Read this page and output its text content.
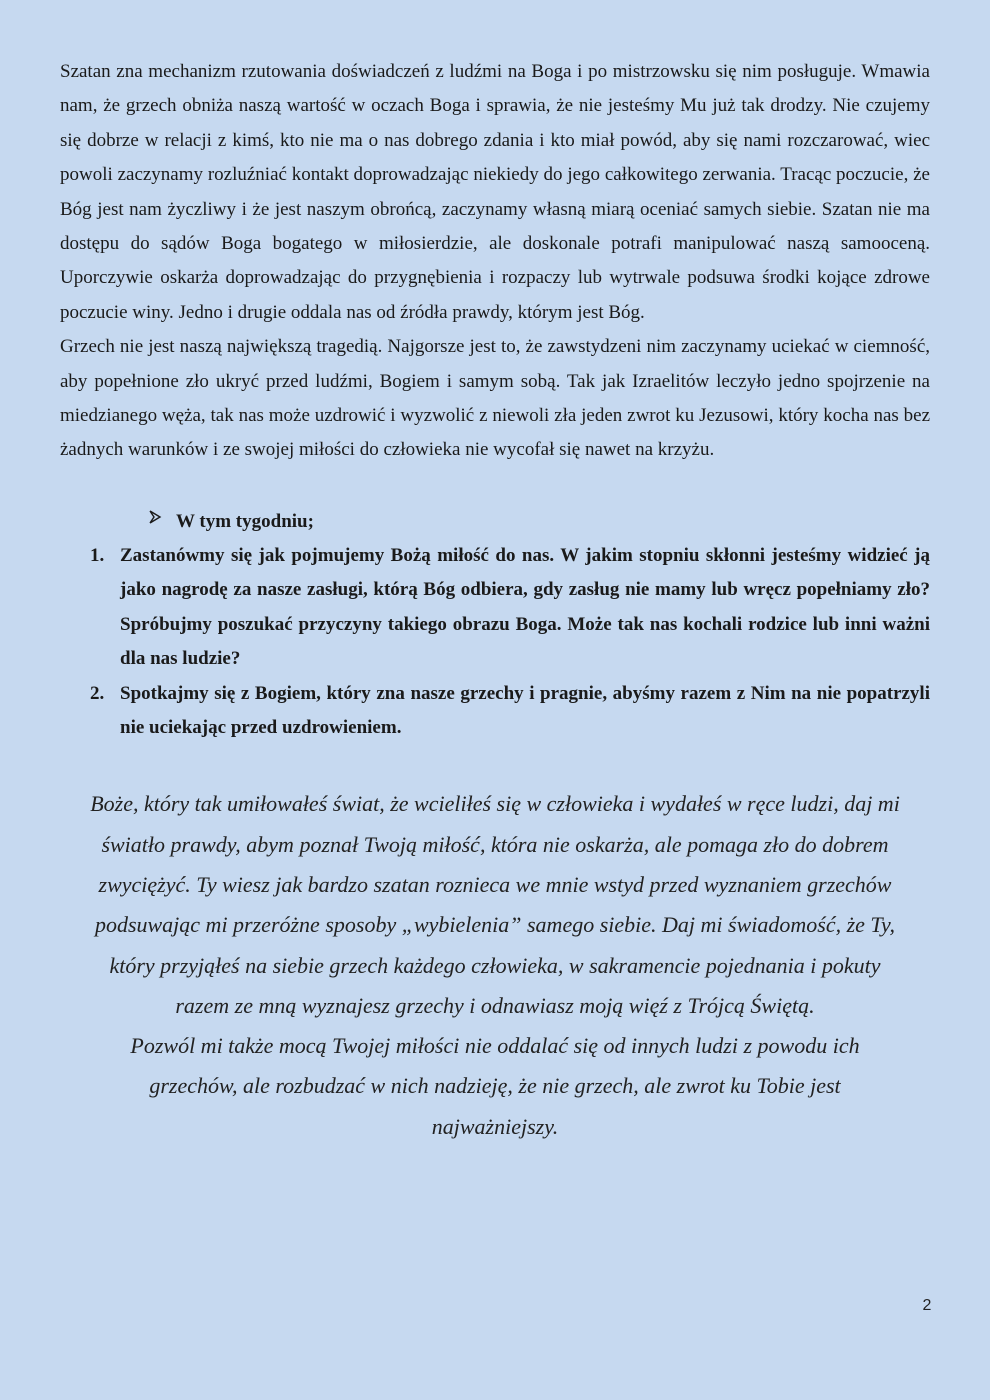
Szatan zna mechanizm rzutowania doświadczeń z ludźmi na Boga i po mistrzowsku się nim posługuje. Wmawia nam, że grzech obniża naszą wartość w oczach Boga i sprawia, że nie jesteśmy Mu już tak drodzy. Nie czujemy się dobrze w relacji z kimś, kto nie ma o nas dobrego zdania i kto miał powód, aby się nami rozczarować, wiec powoli zaczynamy rozluźniać kontakt doprowadzając niekiedy do jego całkowitego zerwania. Tracąc poczucie, że Bóg jest nam życzliwy i że jest naszym obrońcą, zaczynamy własną miarą oceniać samych siebie. Szatan nie ma dostępu do sądów Boga bogatego w miłosierdzie, ale doskonale potrafi manipulować naszą samooceną. Uporczywie oskarża doprowadzając do przygnębienia i rozpaczy lub wytrwale podsuwa środki kojące zdrowe poczucie winy. Jedno i drugie oddala nas od źródła prawdy, którym jest Bóg.

Grzech nie jest naszą największą tragedią. Najgorsze jest to, że zawstydzeni nim zaczynamy uciekać w ciemność, aby popełnione zło ukryć przed ludźmi, Bogiem i samym sobą. Tak jak Izraelitów leczyło jedno spojrzenie na miedzianego węża, tak nas może uzdrowić i wyzwolić z niewoli zła jeden zwrot ku Jezusowi, który kocha nas bez żadnych warunków i ze swojej miłości do człowieka nie wycofał się nawet na krzyżu.

W tym tygodniu;
1. Zastanówmy się jak pojmujemy Bożą miłość do nas. W jakim stopniu skłonni jesteśmy widzieć ją jako nagrodę za nasze zasługi, którą Bóg odbiera, gdy zasług nie mamy lub wręcz popełniamy zło? Spróbujmy poszukać przyczyny takiego obrazu Boga. Może tak nas kochali rodzice lub inni ważni dla nas ludzie?
2. Spotkajmy się z Bogiem, który zna nasze grzechy i pragnie, abyśmy razem z Nim na nie popatrzyli nie uciekając przed uzdrowieniem.
Boże, który tak umiłowałeś świat, że wcieliłeś się w człowieka i wydałeś w ręce ludzi, daj mi
światło prawdy, abym poznał Twoją miłość, która nie oskarża, ale pomaga zło do dobrem
zwyciężyć. Ty wiesz jak bardzo szatan roznieca we mnie wstyd przed wyznaniem grzechów
podsuwając mi przeróżne sposoby „wybielenia” samego siebie. Daj mi świadomość, że Ty,
który przyjąłeś na siebie grzech każdego człowieka, w sakramencie pojednania i pokuty
razem ze mną wyznajesz grzechy i odnawiasz moją więź z Trójcą Świętą.
Pozwól mi także mocą Twojej miłości nie oddalać się od innych ludzi z powodu ich
grzechów, ale rozbudzać w nich nadzieję, że nie grzech, ale zwrot ku Tobie jest
najważniejszy.
2
